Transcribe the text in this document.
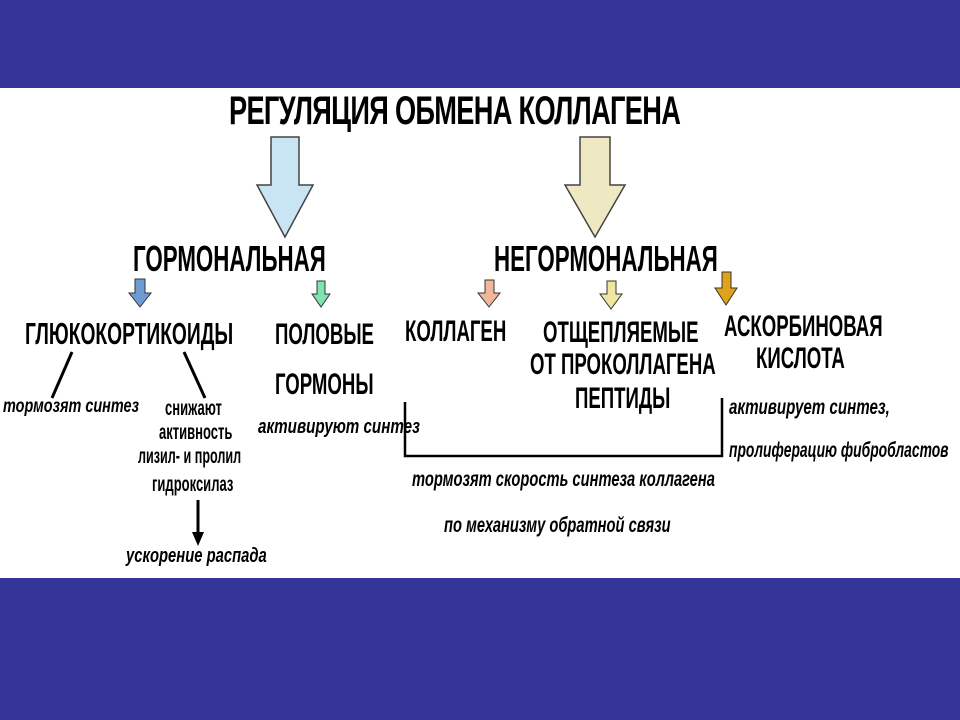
РЕГУЛЯЦИЯ ОБМЕНА КОЛЛАГЕНА
ГОРМОНАЛЬНАЯ	НЕГОРМОНАЛЬНАЯ
ГЛЮКОКОРТИКОИДЫ
тормозят синтез снижают
активность
лизил- и пролил
гидроксилаз
ускорение распада
ПОЛОВЫЕ
ГОРМОНЫ
активируют синтез
КОЛЛАГЕН ОТЩЕПЛЯЕМЫЕ
ОТ ПРОКОЛЛАГЕНА
ПЕПТИДЫ
АСКОРБИНОВАЯ
КИСЛОТА
активирует синтез,
пролиферацию фибробластов
тормозят скорость синтеза коллагена
по механизму обратной связи
